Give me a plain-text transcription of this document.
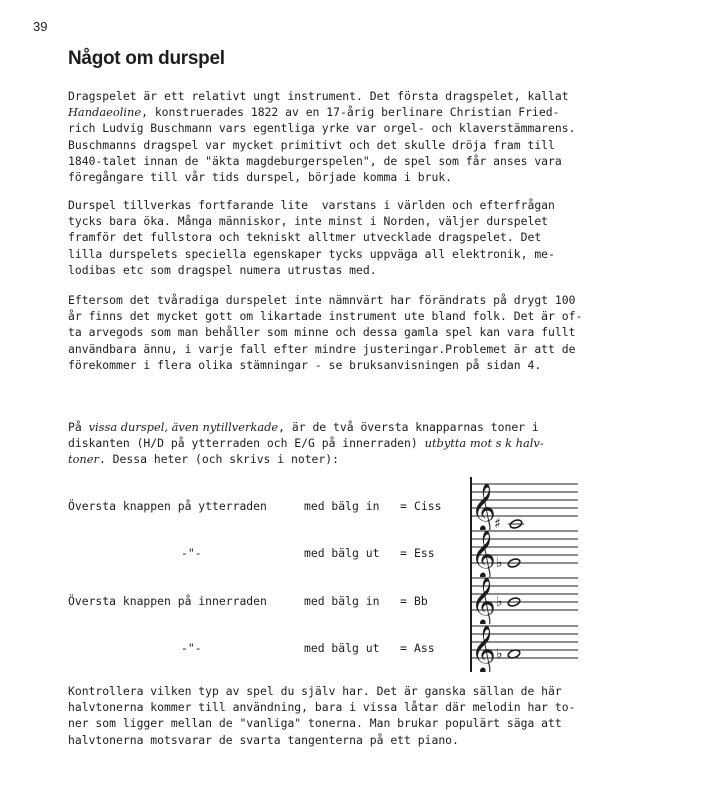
39
Något om durspel

Dragspelet är ett relativt ungt instrument. Det första dragspelet, kallat
Handaeoline, konstruerades 1822 av en 17-årig berlinare Christian Fried-
rich Ludvig Buschmann vars egentliga yrke var orgel- och klaverstämmarens.
Buschmanns dragspel var mycket primitivt och det skulle dröja fram till
1840-talet innan de "äkta magdeburgerspelen", de spel som får anses vara
föregångare till vår tids durspel, började komma i bruk.

Durspel tillverkas fortfarande lite  varstans i världen och efterfrågan
tycks bara öka. Många människor, inte minst i Norden, väljer durspelet
framför det fullstora och tekniskt alltmer utvecklade dragspelet. Det
lilla durspelets speciella egenskaper tycks uppväga all elektronik, me-
lodibas etc som dragspel numera utrustas med.

Eftersom det tvåradiga durspelet inte nämnvärt har förändrats på drygt 100
år finns det mycket gott om likartade instrument ute bland folk. Det är of-
ta arvegods som man behåller som minne och dessa gamla spel kan vara fullt
användbara ännu, i varje fall efter mindre justeringar.Problemet är att de
förekommer i flera olika stämningar - se bruksanvisningen på sidan 4.

På vissa durspel, även nytillverkade, är de två översta knapparnas toner i
diskanten (H/D på ytterraden och E/G på innerraden) utbytta mot s k halv-
toner. Dessa heter (och skrivs i noter):

Översta knappen på ytterraden	med bälg in = Ciss
-"-	med bälg ut = Ess
Översta knappen på innerraden	med bälg in = Bb
-"-	med bälg ut = Ass
𝄞
♯
𝄞 ♭
𝄞 ♭
𝄞 ♭

Kontrollera vilken typ av spel du själv har. Det är ganska sällan de här
halvtonerna kommer till användning, bara i vissa låtar där melodin har to-
ner som ligger mellan de "vanliga" tonerna. Man brukar populärt säga att
halvtonerna motsvarar de svarta tangenterna på ett piano.
